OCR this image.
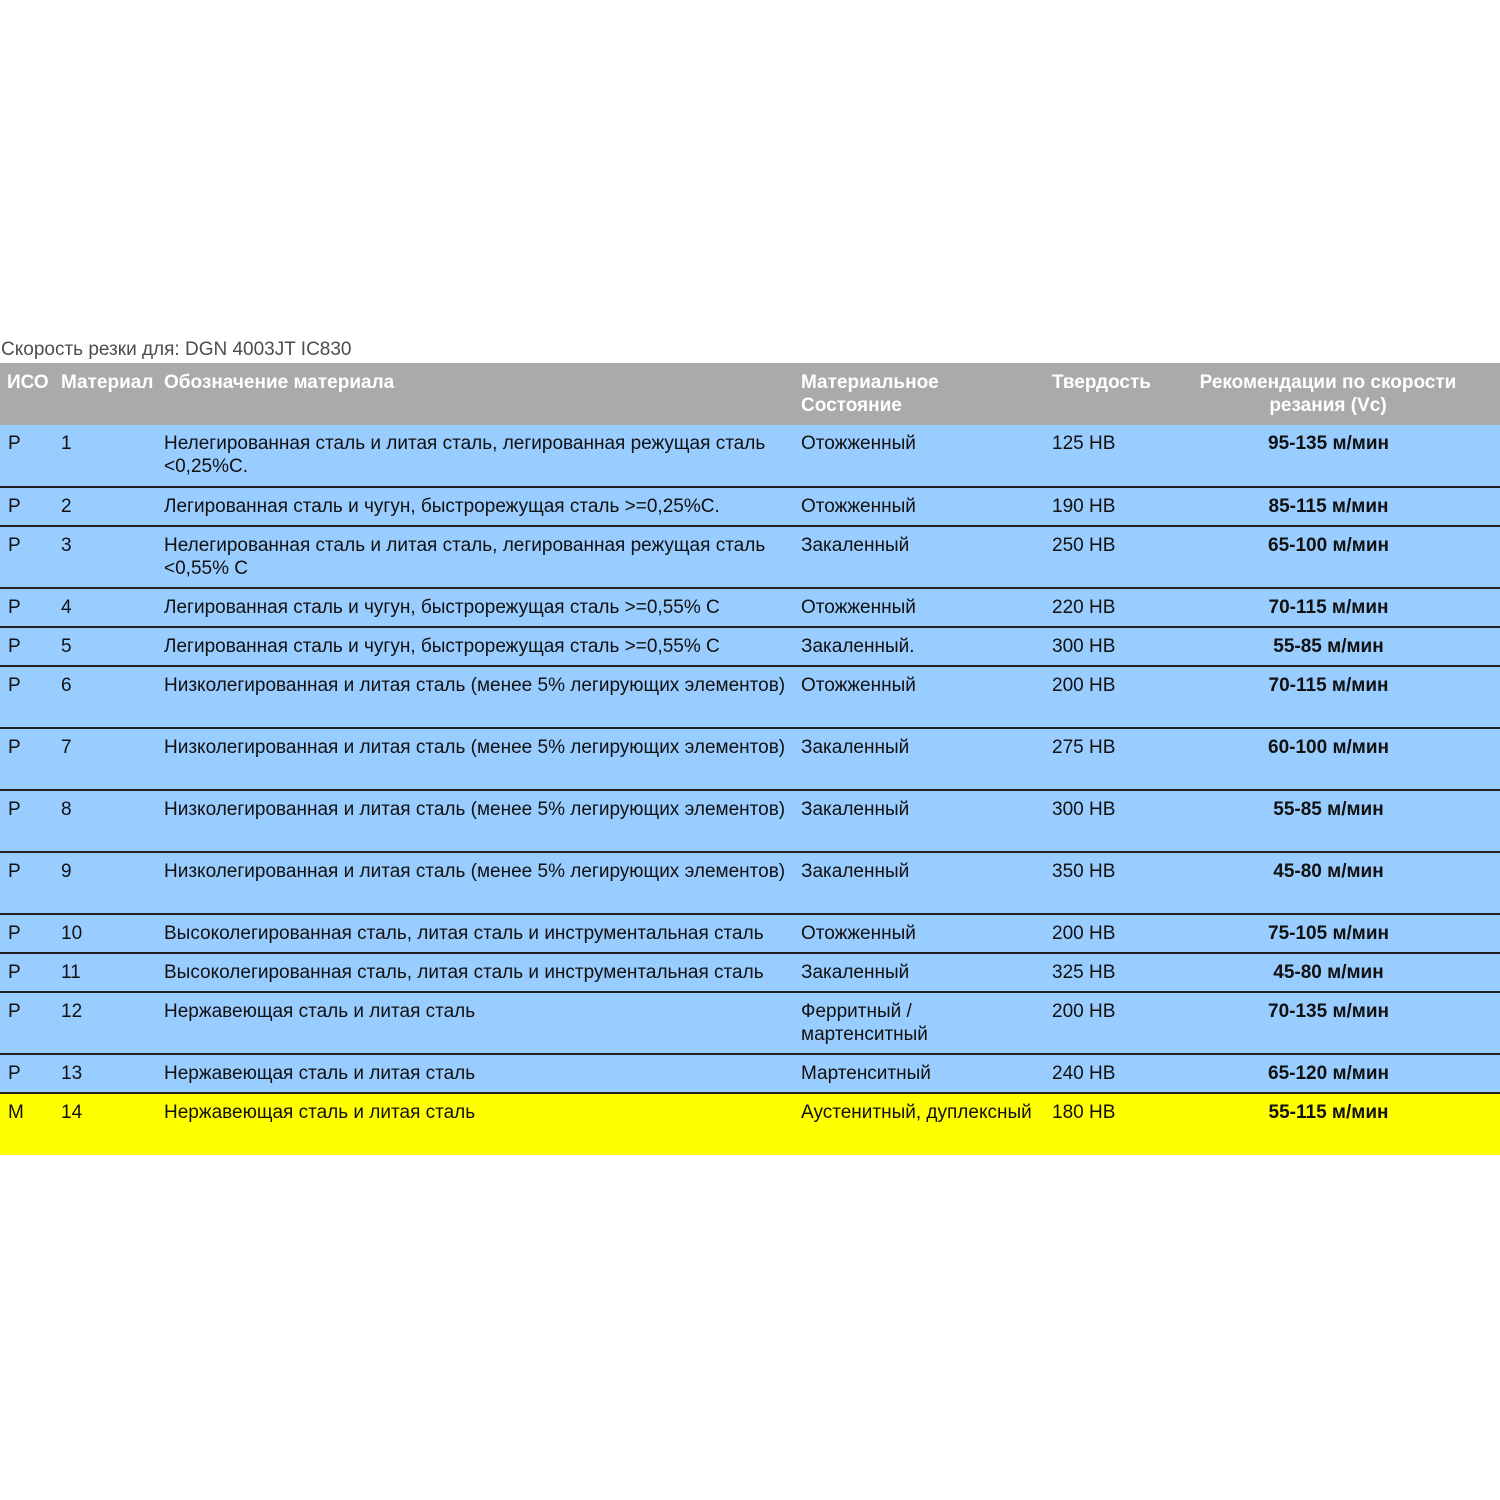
Скорость резки для: DGN 4003JT IC830
ИСО	Материал	Обозначение материала	Материальное Состояние	Твердость	Рекомендации по скорости резания (Vc)
P	1	Нелегированная сталь и литая сталь, легированная режущая сталь <0,25%C.	Отожженный	125 HB	95-135 м/мин
P	2	Легированная сталь и чугун, быстрорежущая сталь >=0,25%C.	Отожженный	190 HB	85-115 м/мин
P	3	Нелегированная сталь и литая сталь, легированная режущая сталь <0,55% C	Закаленный	250 HB	65-100 м/мин
P	4	Легированная сталь и чугун, быстрорежущая сталь >=0,55% C	Отожженный	220 HB	70-115 м/мин
P	5	Легированная сталь и чугун, быстрорежущая сталь >=0,55% C	Закаленный.	300 HB	55-85 м/мин
P	6	Низколегированная и литая сталь (менее 5% легирующих элементов)	Отожженный	200 HB	70-115 м/мин
P	7	Низколегированная и литая сталь (менее 5% легирующих элементов)	Закаленный	275 HB	60-100 м/мин
P	8	Низколегированная и литая сталь (менее 5% легирующих элементов)	Закаленный	300 HB	55-85 м/мин
P	9	Низколегированная и литая сталь (менее 5% легирующих элементов)	Закаленный	350 HB	45-80 м/мин
P	10	Высоколегированная сталь, литая сталь и инструментальная сталь	Отожженный	200 HB	75-105 м/мин
P	11	Высоколегированная сталь, литая сталь и инструментальная сталь	Закаленный	325 HB	45-80 м/мин
P	12	Нержавеющая сталь и литая сталь	Ферритный / мартенситный	200 HB	70-135 м/мин
P	13	Нержавеющая сталь и литая сталь	Мартенситный	240 HB	65-120 м/мин
M	14	Нержавеющая сталь и литая сталь	Аустенитный, дуплексный	180 HB	55-115 м/мин
